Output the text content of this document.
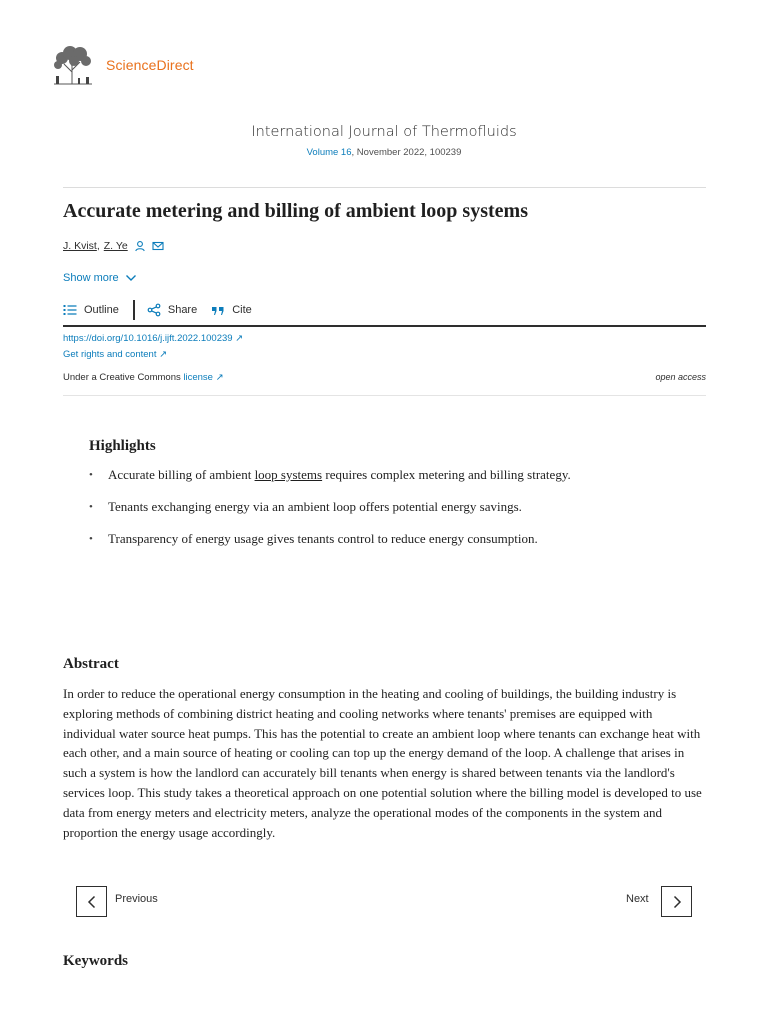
ScienceDirect
International Journal of Thermofluids
Volume 16, November 2022, 100239
Accurate metering and billing of ambient loop systems
J. Kvist , Z. Ye
Show more
Outline	Share	Cite
https://doi.org/10.1016/j.ijft.2022.100239 ↗
Get rights and content ↗
Under a Creative Commons license ↗	open access
Highlights
• Accurate billing of ambient loop systems requires complex metering and billing strategy.
• Tenants exchanging energy via an ambient loop offers potential energy savings.
• Transparency of energy usage gives tenants control to reduce energy consumption.
Abstract

In order to reduce the operational energy consumption in the heating and cooling of buildings, the building industry is exploring methods of combining district heating and cooling networks where tenants' premises are equipped with individual water source heat pumps. This has the potential to create an ambient loop where tenants can exchange heat with each other, and a main source of heating or cooling can top up the energy demand of the loop. A challenge that arises in such a system is how the landlord can accurately bill tenants when energy is shared between tenants via the landlord's services loop. This study takes a theoretical approach on one potential solution where the billing model is developed to use data from energy meters and electricity meters, analyze the operational modes of the components in the system and proportion the energy usage accordingly.

Previous	Next
Keywords
